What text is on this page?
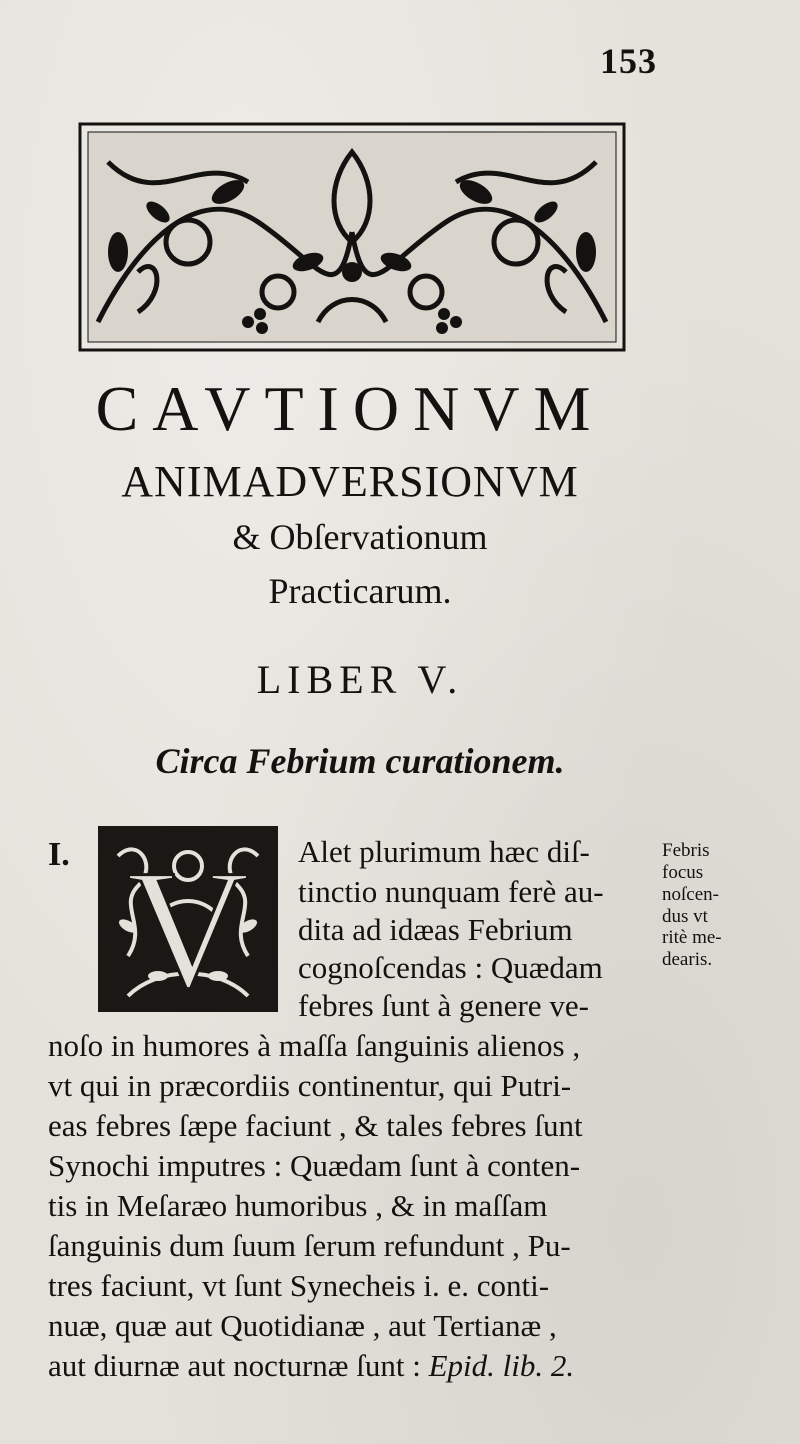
153
CAVTIONVM
ANIMADVERSIONVM
& Obſervationum
Practicarum.
LIBER V.
Circa Febrium curationem.
I. V Alet plurimum hæc diſ-
tinctio nunquam ferè au-
dita ad idæas Febrium
cognoſcendas : Quædam
febres ſunt à genere ve-
noſo in humores à maſſa ſanguinis alienos ,
vt qui in præcordiis continentur, qui Putri-
eas febres ſæpe faciunt , & tales febres ſunt
Synochi imputres : Quædam ſunt à conten-
tis in Meſaræo humoribus , & in maſſam
ſanguinis dum ſuum ſerum refundunt , Pu-
tres faciunt, vt ſunt Synecheis i. e. conti-
nuæ, quæ aut Quotidianæ , aut Tertianæ ,
aut diurnæ aut nocturnæ ſunt : Epid. lib. 2.
Febris
focus
noſcen-
dus vt
ritè me-
dearis.
